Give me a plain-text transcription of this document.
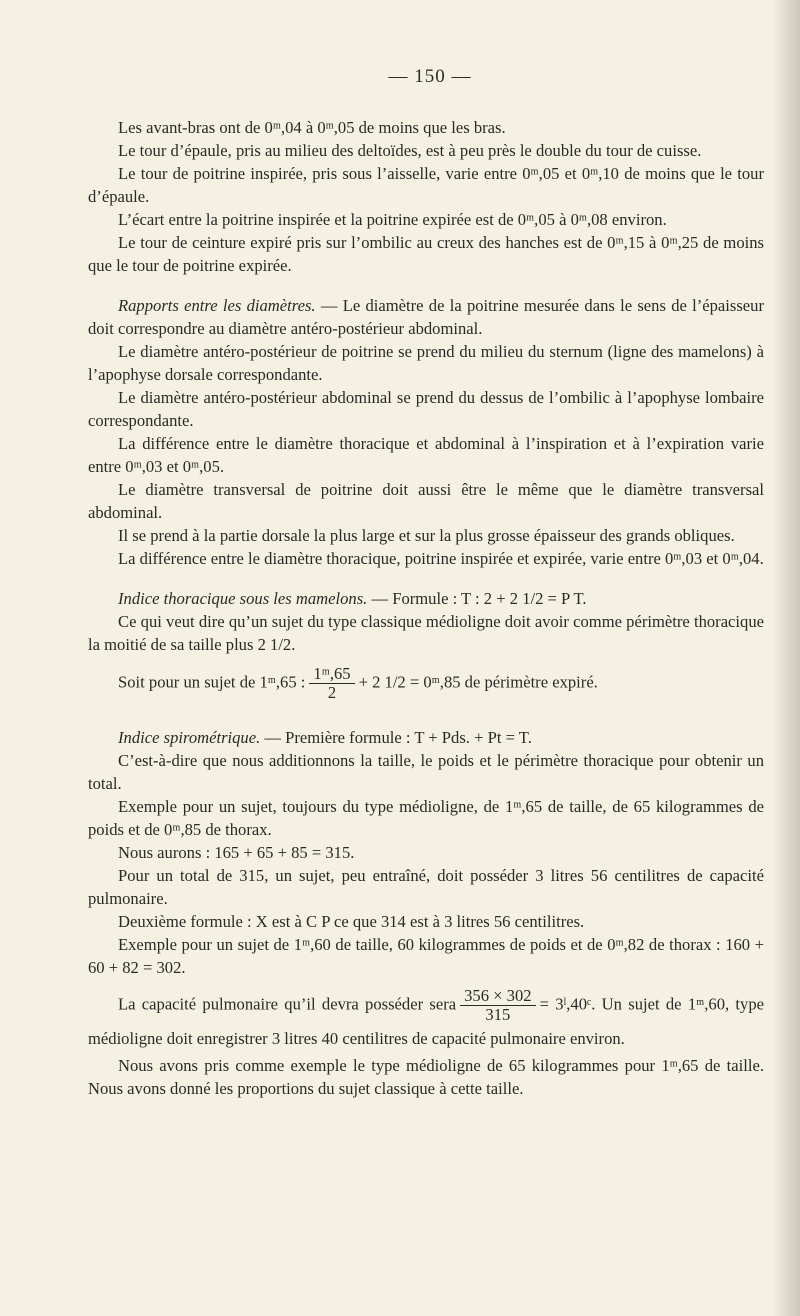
— 150 —

Les avant-bras ont de 0ᵐ,04 à 0ᵐ,05 de moins que les bras.

Le tour d’épaule, pris au milieu des deltoïdes, est à peu près le double du tour de cuisse.

Le tour de poitrine inspirée, pris sous l’aisselle, varie entre 0ᵐ,05 et 0ᵐ,10 de moins que le tour d’épaule.

L’écart entre la poitrine inspirée et la poitrine expirée est de 0ᵐ,05 à 0ᵐ,08 environ.

Le tour de ceinture expiré pris sur l’ombilic au creux des hanches est de 0ᵐ,15 à 0ᵐ,25 de moins que le tour de poitrine expirée.

Rapports entre les diamètres. — Le diamètre de la poitrine mesurée dans le sens de l’épaisseur doit correspondre au diamètre antéro-postérieur abdominal.

Le diamètre antéro-postérieur de poitrine se prend du milieu du sternum (ligne des mamelons) à l’apophyse dorsale correspondante.

Le diamètre antéro-postérieur abdominal se prend du dessus de l’ombilic à l’apophyse lombaire correspondante.

La différence entre le diamètre thoracique et abdominal à l’inspiration et à l’expiration varie entre 0ᵐ,03 et 0ᵐ,05.

Le diamètre transversal de poitrine doit aussi être le même que le diamètre transversal abdominal.

Il se prend à la partie dorsale la plus large et sur la plus grosse épaisseur des grands obliques.

La différence entre le diamètre thoracique, poitrine inspirée et expirée, varie entre 0ᵐ,03 et 0ᵐ,04.

Indice thoracique sous les mamelons. — Formule : T : 2 + 2 1/2 = P T.

Ce qui veut dire qu’un sujet du type classique médioligne doit avoir comme périmètre thoracique la moitié de sa taille plus 2 1/2.

Soit pour un sujet de 1ᵐ,65 : $\frac{\text{1ᵐ,65}}{2} + 2$ 1/2 = 0ᵐ,85 de périmètre expiré.

Indice spirométrique. — Première formule : T + Pds. + Pt = T.

C’est-à-dire que nous additionnons la taille, le poids et le périmètre thoracique pour obtenir un total.

Exemple pour un sujet, toujours du type médioligne, de 1ᵐ,65 de taille, de 65 kilogrammes de poids et de 0ᵐ,85 de thorax.

Nous aurons : 165 + 65 + 85 = 315.

Pour un total de 315, un sujet, peu entraîné, doit posséder 3 litres 56 centilitres de capacité pulmonaire.

Deuxième formule : X est à C P ce que 314 est à 3 litres 56 centilitres.

Exemple pour un sujet de 1ᵐ,60 de taille, 60 kilogrammes de poids et de 0ᵐ,82 de thorax : 160 + 60 + 82 = 302.

La capacité pulmonaire qu’il devra posséder sera $\frac{356 \times 302}{315}$ = 3ˡ,40ᶜ. Un sujet de 1ᵐ,60, type médioligne doit enregistrer 3 litres 40 centilitres de capacité pulmonaire environ.

Nous avons pris comme exemple le type médioligne de 65 kilogrammes pour 1ᵐ,65 de taille. Nous avons donné les proportions du sujet classique à cette taille.
